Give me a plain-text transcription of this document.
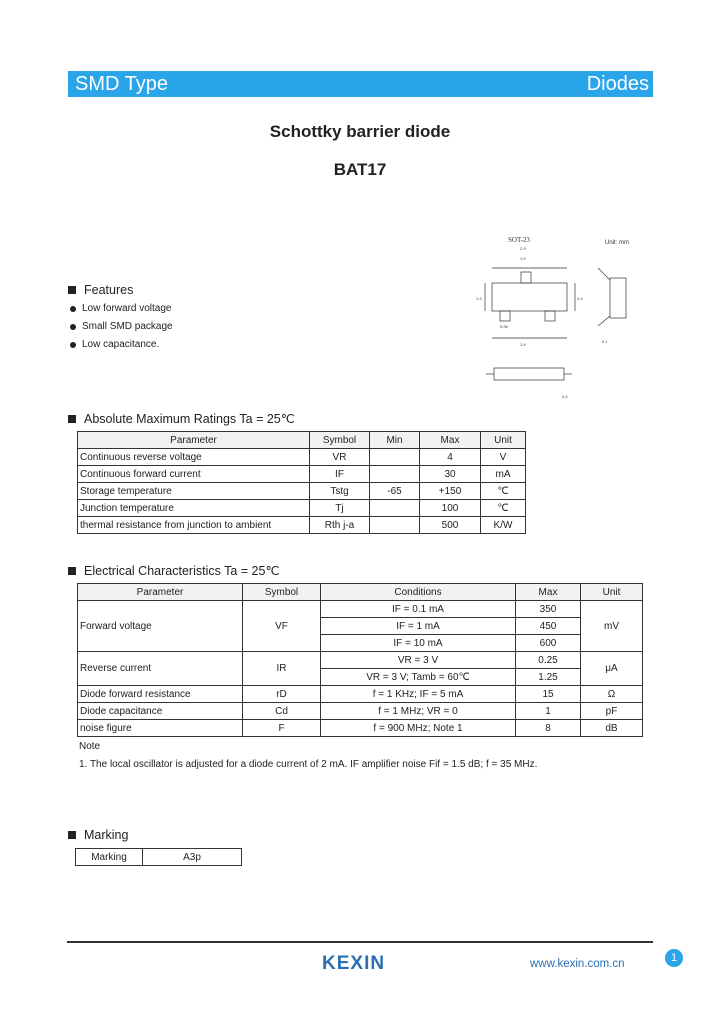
SMD Type	Diodes
Schottky barrier diode
BAT17
SOT-23	Unit: mm
2.9
1.9
1.3	2.4
0.95
1.9
0.1
0.4
Features
Low forward voltage
Small SMD package
Low capacitance.
Absolute Maximum Ratings Ta = 25℃
Parameter	Symbol	Min	Max	Unit
Continuous reverse voltage	VR		4	V
Continuous forward current	IF		30	mA
Storage temperature	Tstg	-65	+150	℃
Junction temperature	Tj		100	℃
thermal resistance from junction to ambient	Rth j-a		500	K/W
Electrical Characteristics Ta = 25℃
Parameter	Symbol	Conditions	Max	Unit
Forward voltage	VF	IF = 0.1 mA	350	mV
		IF = 1 mA	450	
		IF = 10 mA	600	
Reverse current	IR	VR = 3 V	0.25	μA
		VR = 3 V; Tamb = 60℃	1.25	
Diode forward resistance	rD	f = 1 KHz; IF = 5 mA	15	Ω
Diode capacitance	Cd	f = 1 MHz; VR = 0	1	pF
noise figure	F	f = 900 MHz; Note 1	8	dB
Note
1. The local oscillator is adjusted for a diode current of 2 mA. IF amplifier noise Fif = 1.5 dB; f = 35 MHz.
Marking
Marking	A3p
KEXIN	www.kexin.com.cn	1
